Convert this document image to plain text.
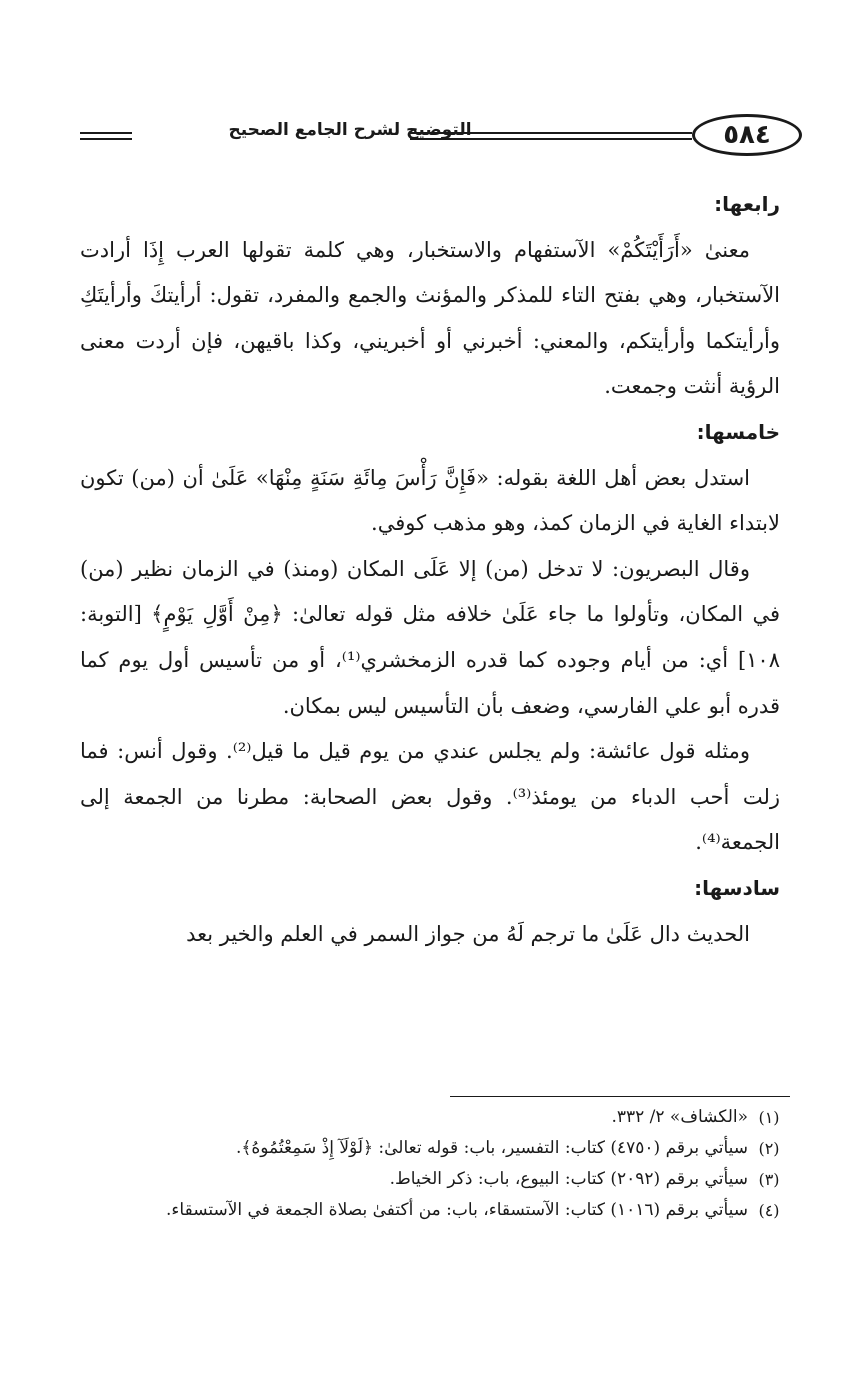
٥٨٤
التوضيح لشرح الجامع الصحيح

رابعها:

معنىٰ «أَرَأَيْتَكُمْ» الآستفهام والاستخبار، وهي كلمة تقولها العرب إِذَا أرادت الآستخبار، وهي بفتح التاء للمذكر والمؤنث والجمع والمفرد، تقول: أرأيتكَ وأرأيتَكِ وأرأيتكما وأرأيتكم، والمعني: أخبرني أو أخبريني، وكذا باقيهن، فإن أردت معنى الرؤية أنثت وجمعت.

خامسها:

استدل بعض أهل اللغة بقوله: «فَإِنَّ رَأْسَ مِائَةِ سَنَةٍ مِنْهَا» عَلَىٰ أن (من) تكون لابتداء الغاية في الزمان كمذ، وهو مذهب كوفي.

وقال البصريون: لا تدخل (من) إلا عَلَى المكان (ومنذ) في الزمان نظير (من) في المكان، وتأولوا ما جاء عَلَىٰ خلافه مثل قوله تعالىٰ: ﴿مِنْ أَوَّلِ يَوْمٍ﴾ [التوبة: ١٠٨] أي: من أيام وجوده كما قدره الزمخشري⁽¹⁾، أو من تأسيس أول يوم كما قدره أبو علي الفارسي، وضعف بأن التأسيس ليس بمكان.

ومثله قول عائشة: ولم يجلس عندي من يوم قيل ما قيل⁽²⁾. وقول أنس: فما زلت أحب الدباء من يومئذ⁽³⁾. وقول بعض الصحابة: مطرنا من الجمعة إلى الجمعة⁽⁴⁾.

سادسها:

الحديث دال عَلَىٰ ما ترجم لَهُ من جواز السمر في العلم والخير بعد

(١)
«الكشاف» ٢/ ٣٣٢.
(٢)
سيأتي برقم (٤٧٥٠) كتاب: التفسير، باب: قوله تعالىٰ: ﴿لَوْلَآ إِذْ سَمِعْتُمُوهُ﴾.
(٣)
سيأتي برقم (٢٠٩٢) كتاب: البيوع، باب: ذكر الخياط.
(٤)
سيأتي برقم (١٠١٦) كتاب: الآستسقاء، باب: من أكتفىٰ بصلاة الجمعة في الآستسقاء.
